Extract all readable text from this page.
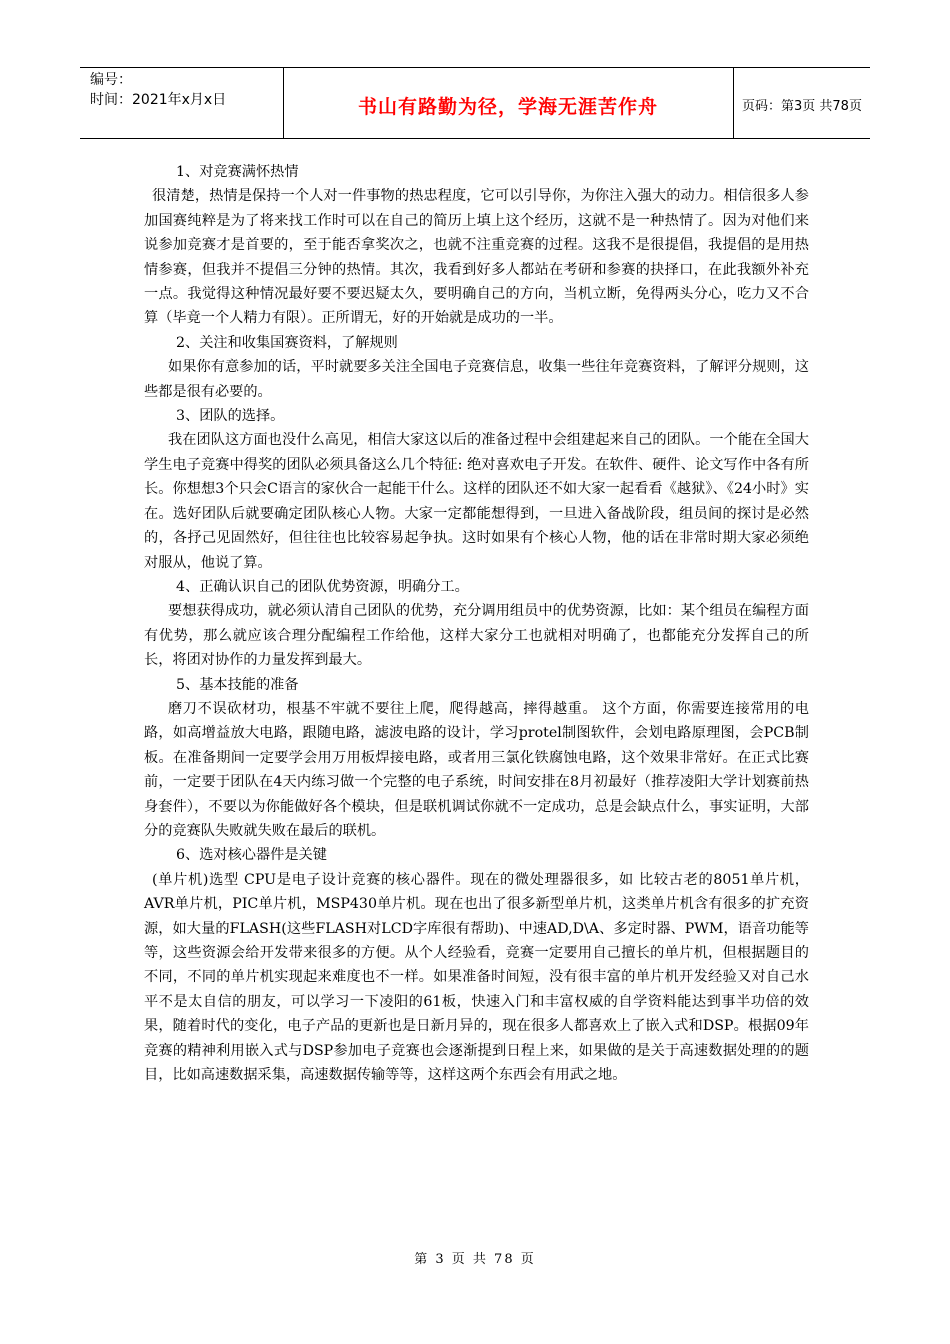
编号：
时间：2021年x月x日	书山有路勤为径，学海无涯苦作舟	页码：第3页 共78页

1、对竞赛满怀热情

很清楚，热情是保持一个人对一件事物的热忠程度，它可以引导你，为你注入强大的动力。相信很多人参加国赛纯粹是为了将来找工作时可以在自己的简历上填上这个经历，这就不是一种热情了。因为对他们来说参加竞赛才是首要的，至于能否拿奖次之，也就不注重竞赛的过程。这我不是很提倡，我提倡的是用热情参赛，但我并不提倡三分钟的热情。其次，我看到好多人都站在考研和参赛的抉择口，在此我额外补充一点。我觉得这种情况最好要不要迟疑太久，要明确自己的方向，当机立断，免得两头分心，吃力又不合算（毕竟一个人精力有限）。正所谓无，好的开始就是成功的一半。

2、关注和收集国赛资料，了解规则

如果你有意参加的话，平时就要多关注全国电子竞赛信息，收集一些往年竞赛资料，了解评分规则，这些都是很有必要的。

3、团队的选择。

我在团队这方面也没什么高见，相信大家这以后的准备过程中会组建起来自己的团队。一个能在全国大学生电子竞赛中得奖的团队必须具备这么几个特征: 绝对喜欢电子开发。在软件、硬件、论文写作中各有所长。你想想3个只会C语言的家伙合一起能干什么。这样的团队还不如大家一起看看《越狱》、《24小时》实在。选好团队后就要确定团队核心人物。大家一定都能想得到，一旦进入备战阶段，组员间的探讨是必然的，各抒己见固然好，但往往也比较容易起争执。这时如果有个核心人物，他的话在非常时期大家必须绝对服从，他说了算。

4、正确认识自己的团队优势资源，明确分工。

要想获得成功，就必须认清自己团队的优势，充分调用组员中的优势资源，比如：某个组员在编程方面有优势，那么就应该合理分配编程工作给他，这样大家分工也就相对明确了，也都能充分发挥自己的所长，将团对协作的力量发挥到最大。

5、基本技能的准备

磨刀不误砍材功，根基不牢就不要往上爬，爬得越高，摔得越重。 这个方面，你需要连接常用的电路，如高增益放大电路，跟随电路，滤波电路的设计，学习protel制图软件，会划电路原理图，会PCB制板。在准备期间一定要学会用万用板焊接电路，或者用三氯化铁腐蚀电路，这个效果非常好。在正式比赛前，一定要于团队在4天内练习做一个完整的电子系统，时间安排在8月初最好（推荐凌阳大学计划赛前热身套件），不要以为你能做好各个模块，但是联机调试你就不一定成功，总是会缺点什么，事实证明，大部分的竞赛队失败就失败在最后的联机。

6、选对核心器件是关键

(单片机)选型 CPU是电子设计竞赛的核心器件。现在的微处理器很多，如 比较古老的8051单片机，AVR单片机，PIC单片机，MSP430单片机。现在也出了很多新型单片机，这类单片机含有很多的扩充资源，如大量的FLASH(这些FLASH对LCD字库很有帮助)、中速AD,D\A、多定时器、PWM，语音功能等等，这些资源会给开发带来很多的方便。从个人经验看，竞赛一定要用自己擅长的单片机，但根据题目的不同，不同的单片机实现起来难度也不一样。如果准备时间短，没有很丰富的单片机开发经验又对自己水平不是太自信的朋友，可以学习一下凌阳的61板，快速入门和丰富权威的自学资料能达到事半功倍的效果，随着时代的变化，电子产品的更新也是日新月异的，现在很多人都喜欢上了嵌入式和DSP。根据09年竞赛的精神利用嵌入式与DSP参加电子竞赛也会逐渐提到日程上来，如果做的是关于高速数据处理的的题目，比如高速数据采集，高速数据传输等等，这样这两个东西会有用武之地。

第 3 页 共 78 页
